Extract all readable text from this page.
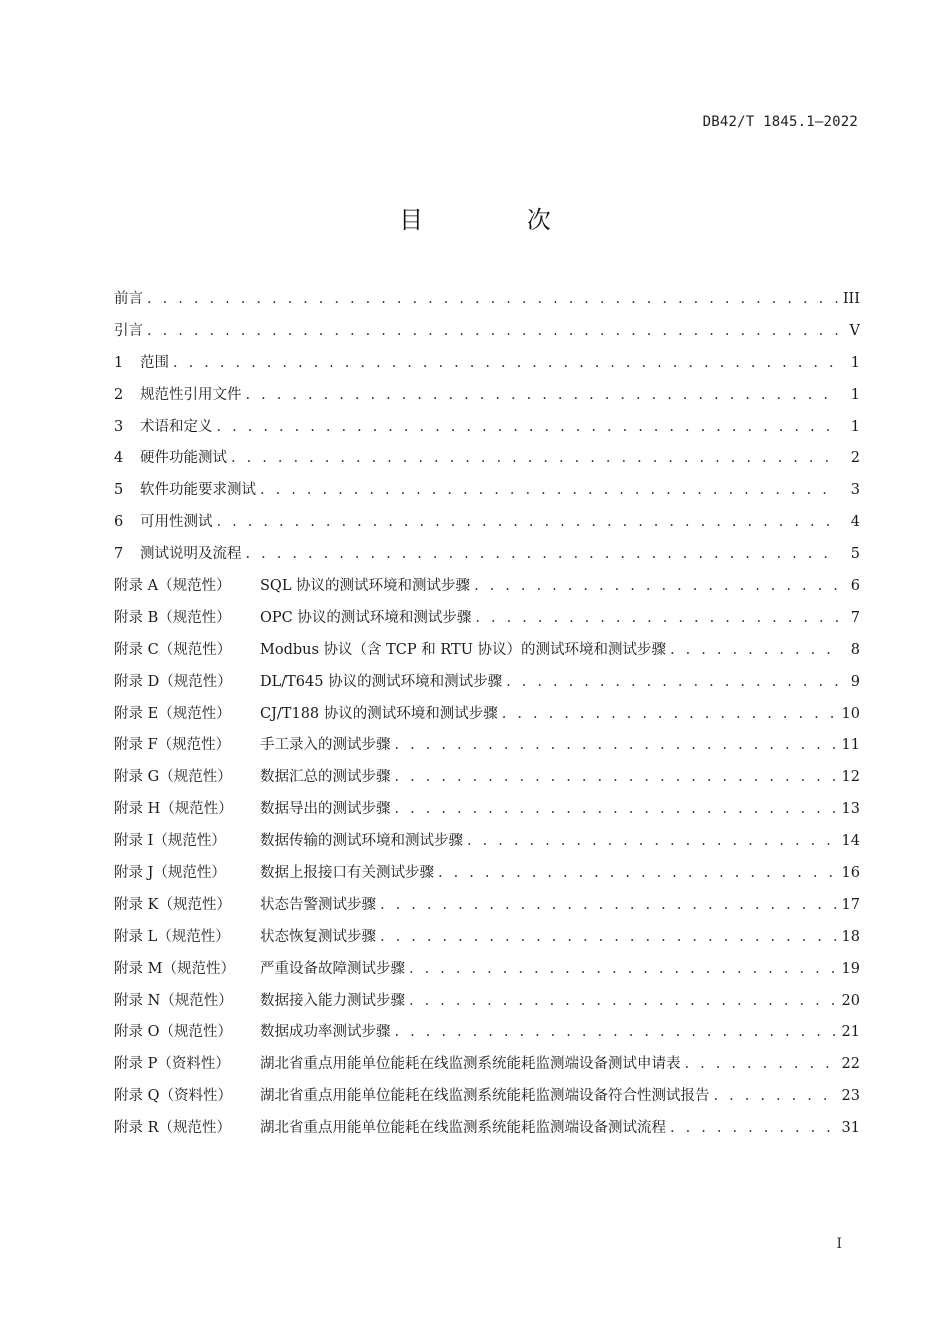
DB42/T 1845.1—2022
目 次
前言 . . .	III
引言 . . .	V
1	范围 . . .	1
2	规范性引用文件 . . .	1
3	术语和定义 . . .	1
4	硬件功能测试 . . .	2
5	软件功能要求测试 . . .	3
6	可用性测试 . . .	4
7	测试说明及流程 . . .	5
附录 A（规范性）	SQL 协议的测试环境和测试步骤 . . .	6
附录 B（规范性）	OPC 协议的测试环境和测试步骤 . . .	7
附录 C（规范性）	Modbus 协议（含 TCP 和 RTU 协议）的测试环境和测试步骤 . . .	8
附录 D（规范性）	DL/T645 协议的测试环境和测试步骤 . . .	9
附录 E（规范性）	CJ/T188 协议的测试环境和测试步骤 . . .	10
附录 F（规范性）	手工录入的测试步骤 . . .	11
附录 G（规范性）	数据汇总的测试步骤 . . .	12
附录 H（规范性）	数据导出的测试步骤 . . .	13
附录 I（规范性）	数据传输的测试环境和测试步骤 . . .	14
附录 J（规范性）	数据上报接口有关测试步骤 . . .	16
附录 K（规范性）	状态告警测试步骤 . . .	17
附录 L（规范性）	状态恢复测试步骤 . . .	18
附录 M（规范性）	严重设备故障测试步骤 . . .	19
附录 N（规范性）	数据接入能力测试步骤 . . .	20
附录 O（规范性）	数据成功率测试步骤 . . .	21
附录 P（资料性）	湖北省重点用能单位能耗在线监测系统能耗监测端设备测试申请表 . . .	22
附录 Q（资料性）	湖北省重点用能单位能耗在线监测系统能耗监测端设备符合性测试报告 . . .	23
附录 R（规范性）	湖北省重点用能单位能耗在线监测系统能耗监测端设备测试流程 . . .	31
I
